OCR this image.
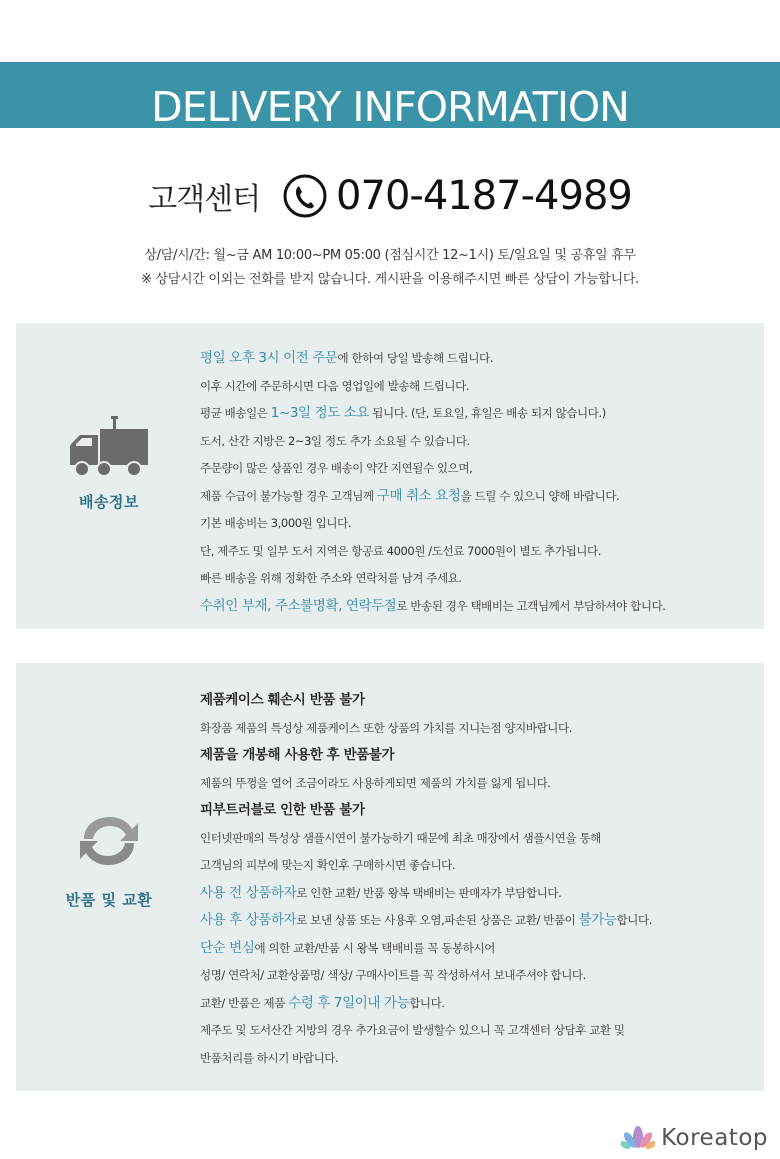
DELIVERY INFORMATION
고객센터 070-4187-4989
상/담/시/간: 월~금 AM 10:00~PM 05:00 (점심시간 12~1시) 토/일요일 및 공휴일 휴무
※ 상담시간 이외는 전화를 받지 않습니다. 게시판을 이용해주시면 빠른 상담이 가능합니다.
배송정보
평일 오후 3시 이전 주문에 한하여 당일 발송해 드립니다.
이후 시간에 주문하시면 다음 영업일에 발송해 드립니다.
평균 배송일은 1~3일 정도 소요 됩니다. (단, 토요일, 휴일은 배송 되지 않습니다.)
도서, 산간 지방은 2~3일 정도 추가 소요될 수 있습니다.
주문량이 많은 상품인 경우 배송이 약간 지연될수 있으며,
제품 수급이 불가능할 경우 고객님께 구매 취소 요청을 드릴 수 있으니 양해 바랍니다.
기본 배송비는 3,000원 입니다.
단, 제주도 및 일부 도서 지역은 항공료 4000원 /도선료 7000원이 별도 추가됩니다.
빠른 배송을 위해 정확한 주소와 연락처를 남겨 주세요.
수취인 부재, 주소불명확, 연락두절로 반송된 경우 택배비는 고객님께서 부담하셔야 합니다.
반품 및 교환
제품케이스 훼손시 반품 불가
화장품 제품의 특성상 제품케이스 또한 상품의 가치를 지니는점 양지바랍니다.
제품을 개봉해 사용한 후 반품불가
제품의 뚜껑을 열어 조금이라도 사용하게되면 제품의 가치를 잃게 됩니다.
피부트러블로 인한 반품 불가
인터넷판매의 특성상 샘플시연이 불가능하기 때문에 최초 매장에서 샘플시연을 통해
고객님의 피부에 맞는지 확인후 구매하시면 좋습니다.
사용 전 상품하자로 인한 교환/ 반품 왕복 택배비는 판매자가 부담합니다.
사용 후 상품하자로 보낸 상품 또는 사용후 오염,파손된 상품은 교환/ 반품이 불가능합니다.
단순 변심에 의한 교환/반품 시 왕복 택배비를 꼭 동봉하시어
성명/ 연락처/ 교환상품명/ 색상/ 구매사이트를 꼭 작성하셔서 보내주셔야 합니다.
교환/ 반품은 제품 수령 후 7일이내 가능합니다.
제주도 및 도서산간 지방의 경우 추가요금이 발생할수 있으니 꼭 고객센터 상담후 교환 및
반품처리를 하시기 바랍니다.
Koreatop
